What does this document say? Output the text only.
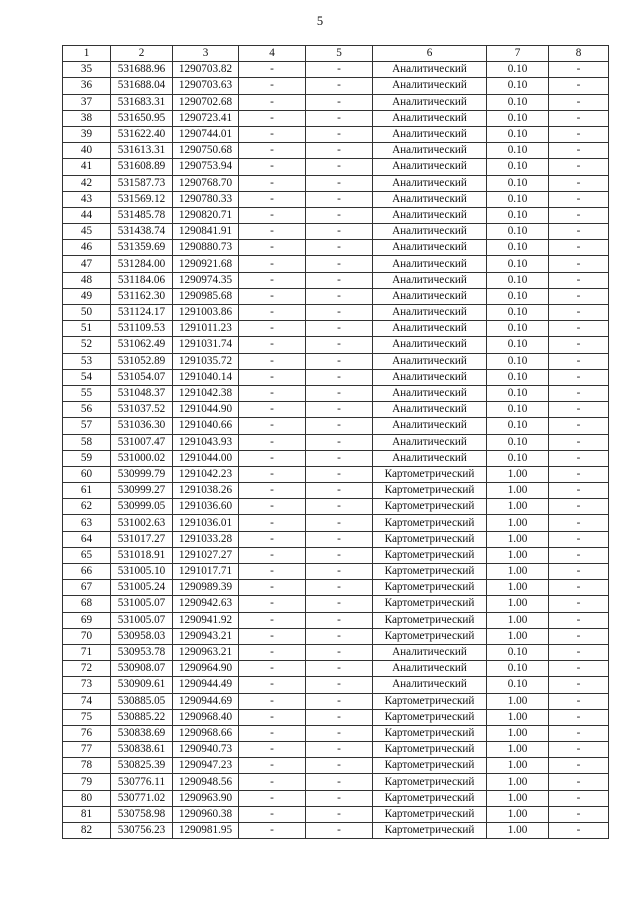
5
1	2	3	4	5	6	7	8
35	531688.96	1290703.82	-	-	Аналитический	0.10	-
36	531688.04	1290703.63	-	-	Аналитический	0.10	-
37	531683.31	1290702.68	-	-	Аналитический	0.10	-
38	531650.95	1290723.41	-	-	Аналитический	0.10	-
39	531622.40	1290744.01	-	-	Аналитический	0.10	-
40	531613.31	1290750.68	-	-	Аналитический	0.10	-
41	531608.89	1290753.94	-	-	Аналитический	0.10	-
42	531587.73	1290768.70	-	-	Аналитический	0.10	-
43	531569.12	1290780.33	-	-	Аналитический	0.10	-
44	531485.78	1290820.71	-	-	Аналитический	0.10	-
45	531438.74	1290841.91	-	-	Аналитический	0.10	-
46	531359.69	1290880.73	-	-	Аналитический	0.10	-
47	531284.00	1290921.68	-	-	Аналитический	0.10	-
48	531184.06	1290974.35	-	-	Аналитический	0.10	-
49	531162.30	1290985.68	-	-	Аналитический	0.10	-
50	531124.17	1291003.86	-	-	Аналитический	0.10	-
51	531109.53	1291011.23	-	-	Аналитический	0.10	-
52	531062.49	1291031.74	-	-	Аналитический	0.10	-
53	531052.89	1291035.72	-	-	Аналитический	0.10	-
54	531054.07	1291040.14	-	-	Аналитический	0.10	-
55	531048.37	1291042.38	-	-	Аналитический	0.10	-
56	531037.52	1291044.90	-	-	Аналитический	0.10	-
57	531036.30	1291040.66	-	-	Аналитический	0.10	-
58	531007.47	1291043.93	-	-	Аналитический	0.10	-
59	531000.02	1291044.00	-	-	Аналитический	0.10	-
60	530999.79	1291042.23	-	-	Картометрический	1.00	-
61	530999.27	1291038.26	-	-	Картометрический	1.00	-
62	530999.05	1291036.60	-	-	Картометрический	1.00	-
63	531002.63	1291036.01	-	-	Картометрический	1.00	-
64	531017.27	1291033.28	-	-	Картометрический	1.00	-
65	531018.91	1291027.27	-	-	Картометрический	1.00	-
66	531005.10	1291017.71	-	-	Картометрический	1.00	-
67	531005.24	1290989.39	-	-	Картометрический	1.00	-
68	531005.07	1290942.63	-	-	Картометрический	1.00	-
69	531005.07	1290941.92	-	-	Картометрический	1.00	-
70	530958.03	1290943.21	-	-	Картометрический	1.00	-
71	530953.78	1290963.21	-	-	Аналитический	0.10	-
72	530908.07	1290964.90	-	-	Аналитический	0.10	-
73	530909.61	1290944.49	-	-	Аналитический	0.10	-
74	530885.05	1290944.69	-	-	Картометрический	1.00	-
75	530885.22	1290968.40	-	-	Картометрический	1.00	-
76	530838.69	1290968.66	-	-	Картометрический	1.00	-
77	530838.61	1290940.73	-	-	Картометрический	1.00	-
78	530825.39	1290947.23	-	-	Картометрический	1.00	-
79	530776.11	1290948.56	-	-	Картометрический	1.00	-
80	530771.02	1290963.90	-	-	Картометрический	1.00	-
81	530758.98	1290960.38	-	-	Картометрический	1.00	-
82	530756.23	1290981.95	-	-	Картометрический	1.00	-
